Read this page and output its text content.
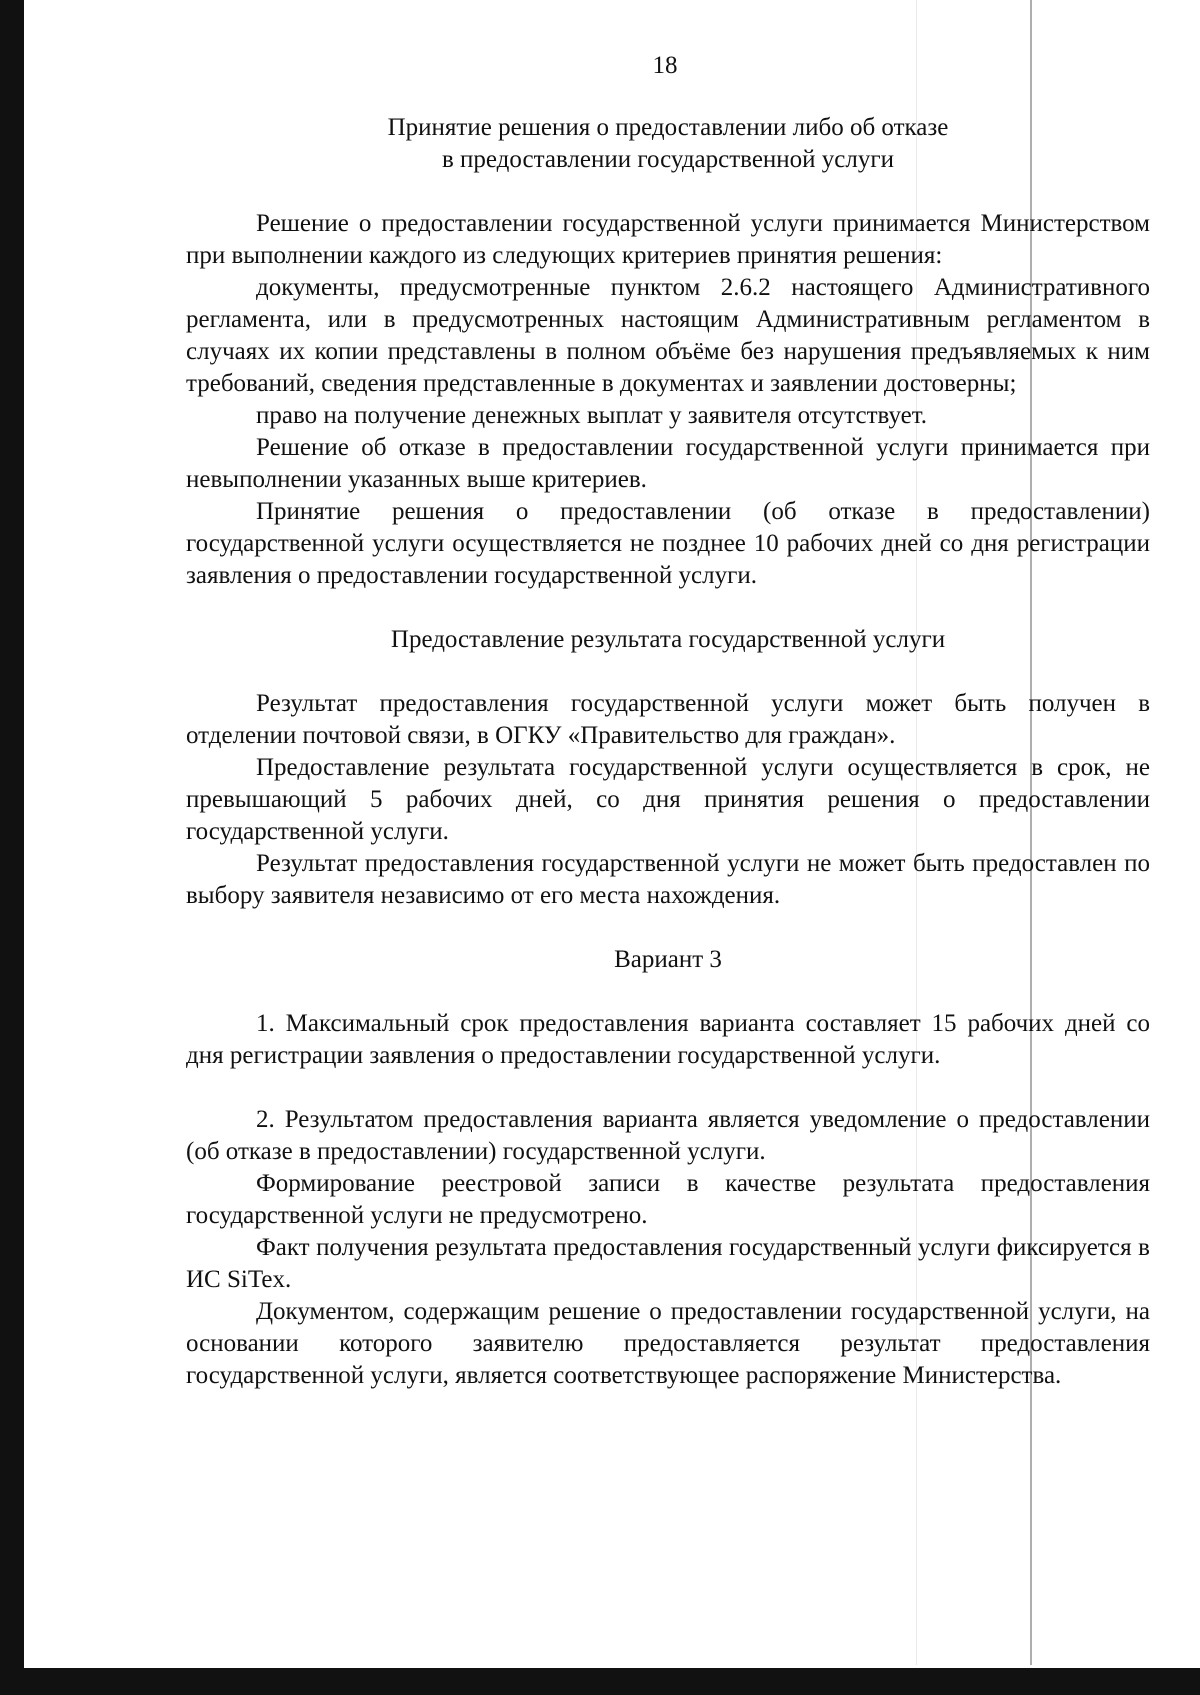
18
Принятие решения о предоставлении либо об отказе
в предоставлении государственной услуги

Решение о предоставлении государственной услуги принимается Министерством при выполнении каждого из следующих критериев принятия решения:

документы, предусмотренные пунктом 2.6.2 настоящего Административного регламента, или в предусмотренных настоящим Административным регламентом в случаях их копии представлены в полном объёме без нарушения предъявляемых к ним требований, сведения представленные в документах и заявлении достоверны;

право на получение денежных выплат у заявителя отсутствует.

Решение об отказе в предоставлении государственной услуги принимается при невыполнении указанных выше критериев.

Принятие решения о предоставлении (об отказе в предоставлении) государственной услуги осуществляется не позднее 10 рабочих дней со дня регистрации заявления о предоставлении государственной услуги.

Предоставление результата государственной услуги

Результат предоставления государственной услуги может быть получен в отделении почтовой связи, в ОГКУ «Правительство для граждан».

Предоставление результата государственной услуги осуществляется в срок, не превышающий 5 рабочих дней, со дня принятия решения о предоставлении государственной услуги.

Результат предоставления государственной услуги не может быть предоставлен по выбору заявителя независимо от его места нахождения.

Вариант 3

1. Максимальный срок предоставления варианта составляет 15 рабочих дней со дня регистрации заявления о предоставлении государственной услуги.

2. Результатом предоставления варианта является уведомление о предоставлении (об отказе в предоставлении) государственной услуги.

Формирование реестровой записи в качестве результата предоставления государственной услуги не предусмотрено.

Факт получения результата предоставления государственный услуги фиксируется в ИС SiTex.

Документом, содержащим решение о предоставлении государственной услуги, на основании которого заявителю предоставляется результат предоставления государственной услуги, является соответствующее распоряжение Министерства.
